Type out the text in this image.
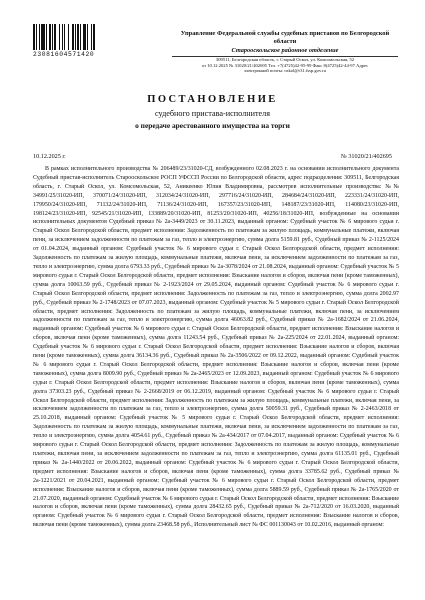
23081604571420
Управление Федеральной службы судебных приставов по Белгородской области
Старооскольское районное отделение
309511, Белгородская область, г. Старый Оскол, ул. Комсомольская, 52
от 10.12.2025 № 31020/21/402695 Тел. +7(4725)42-95-99 Факс 8(4725)42-44-97 Адрес
электронной почты: oskol@r31.fssp.gov.ru
ПОСТАНОВЛЕНИЕ
судебного пристава-исполнителя
о передаче арестованного имущества на торги
10.12.2025 г.	№ 31020/21/402695
В рамках исполнительного производства № 206489/23/31020-СД, возбужденного 02.08.2023 г. на основании исполнительного документа Судебный пристав-исполнитель Старооскольское РОСП УФССП России по Белгородской области, адрес подразделения: 309511, Белгородская область, г. Старый Оскол, ул. Комсомольская, 52, Аникеенко Юлия Владимировна, рассмотрев исполнительные производства: №№ 34991/25/31020-ИП, 370071/24/31020-ИП, 312034/24/31020-ИП, 297716/24/31020-ИП, 284684/24/31020-ИП, 223331/24/31020-ИП, 179950/24/31020-ИП, 71132/24/31020-ИП, 71136/24/31020-ИП, 167357/23/31020-ИП, 148187/23/31020-ИП, 114080/23/31020-ИП, 198124/23/31020-ИП, 92545/21/31020-ИП, 133889/20/31020-ИП, 81253/20/31020-ИП, 40256/18/31020-ИП, возбужденные на основании исполнительных документов Судебный приказ № 2а-3449/2023 от 30.11.2023, выданный органом: Судебный участок № 6 мирового судьи г. Старый Оскол Белгородской области, предмет исполнения: Задолженность по платежам за жилую площадь, коммунальные платежи, включая пени, за исключением задолженности по платежам за газ, тепло и электроэнергию, сумма долга 5159.81 руб., Судебный приказ № 2-1125/2024 от 01.04.2024, выданный органом: Судебный участок № 6 мирового судьи г. Старый Оскол Белгородской области, предмет исполнения: Задолженность по платежам за жилую площадь, коммунальные платежи, включая пени, за исключением задолженности по платежам за газ, тепло и электроэнергию, сумма долга 6793.33 руб., Судебный приказ № 2а-3078/2024 от 21.08.2024, выданный органом: Судебный участок № 5 мирового судьи г. Старый Оскол Белгородской области, предмет исполнения: Взыскание налогов и сборов, включая пени (кроме таможенных), сумма долга 10063.59 руб., Судебный приказ № 2-1923/2024 от 29.05.2024, выданный органом: Судебный участок № 6 мирового судьи г. Старый Оскол Белгородской области, предмет исполнения: Задолженность по платежам за газ, тепло и электроэнергию, сумма долга 2002.97 руб., Судебный приказ № 2-1748/2023 от 07.07.2023, выданный органом: Судебный участок № 5 мирового судьи г. Старый Оскол Белгородской области, предмет исполнения: Задолженность по платежам за жилую площадь, коммунальные платежи, включая пени, за исключением задолженности по платежам за газ, тепло и электроэнергию, сумма долга 46063.82 руб., Судебный приказ № 2а-1682/2024 от 21.06.2024, выданный органом: Судебный участок № 6 мирового судьи г. Старый Оскол Белгородской области, предмет исполнения: Взыскание налогов и сборов, включая пени (кроме таможенных), сумма долга 11243.54 руб., Судебный приказ № 2а-225/2024 от 22.01.2024, выданный органом: Судебный участок № 6 мирового судьи г. Старый Оскол Белгородской области, предмет исполнения: Взыскание налогов и сборов, включая пени (кроме таможенных), сумма долга 36134.36 руб., Судебный приказ № 2а-3506/2022 от 09.12.2022, выданный органом: Судебный участок № 6 мирового судьи г. Старый Оскол Белгородской области, предмет исполнения: Взыскание налогов и сборов, включая пени (кроме таможенных), сумма долга 8009.90 руб., Судебный приказ № 2а-2465/2023 от 12.09.2023, выданный органом: Судебный участок № 6 мирового судьи г. Старый Оскол Белгородской области, предмет исполнения: Взыскание налогов и сборов, включая пени (кроме таможенных), сумма долга 37303.23 руб., Судебный приказ № 2-2668/2019 от 06.12.2019, выданный органом: Судебный участок № 6 мирового судьи г. Старый Оскол Белгородской области, предмет исполнения: Задолженность по платежам за жилую площадь, коммунальные платежи, включая пени, за исключением задолженности по платежам за газ, тепло и электроэнергию, сумма долга 50059.31 руб., Судебный приказ № 2-2463/2018 от 25.10.2018, выданный органом: Судебный участок № 5 мирового судьи г. Старый Оскол Белгородской области, предмет исполнения: Задолженность по платежам за жилую площадь, коммунальные платежи, включая пени, за исключением задолженности по платежам за газ, тепло и электроэнергию, сумма долга 4054.61 руб., Судебный приказ № 2а-434/2017 от 07.04.2017, выданный органом: Судебный участок № 6 мирового судьи г. Старый Оскол Белгородской области, предмет исполнения: Задолженность по платежам за жилую площадь, коммунальные платежи, включая пени, за исключением задолженности по платежам за газ, тепло и электроэнергию, сумма долга 61135.01 руб., Судебный приказ № 2а-1440/2022 от 20.06.2022, выданный органом: Судебный участок № 6 мирового судьи г. Старый Оскол Белгородской области, предмет исполнения: Взыскание налогов и сборов, включая пени (кроме таможенных), сумма долга 33785.62 руб., Судебный приказ № 2а-1221/2021 от 20.04.2021, выданный органом: Судебный участок № 6 мирового судьи г. Старый Оскол Белгородской области, предмет исполнения: Взыскание налогов и сборов, включая пени (кроме таможенных), сумма долга 5889.59 руб., Судебный приказ № 2а-1765/2020 от 21.07.2020, выданный органом: Судебный участок № 6 мирового судьи г. Старый Оскол Белгородской области, предмет исполнения: Взыскание налогов и сборов, включая пени (кроме таможенных), сумма долга 28432.65 руб., Судебный приказ № 2а-712/2020 от 16.03.2020, выданный органом: Судебный участок № 6 мирового судьи г. Старый Оскол Белгородской области, предмет исполнения: Взыскание налогов и сборов, включая пени (кроме таможенных), сумма долга 23468.58 руб., Исполнительный лист № ФС 001130043 от 10.02.2016, выданный органом:
